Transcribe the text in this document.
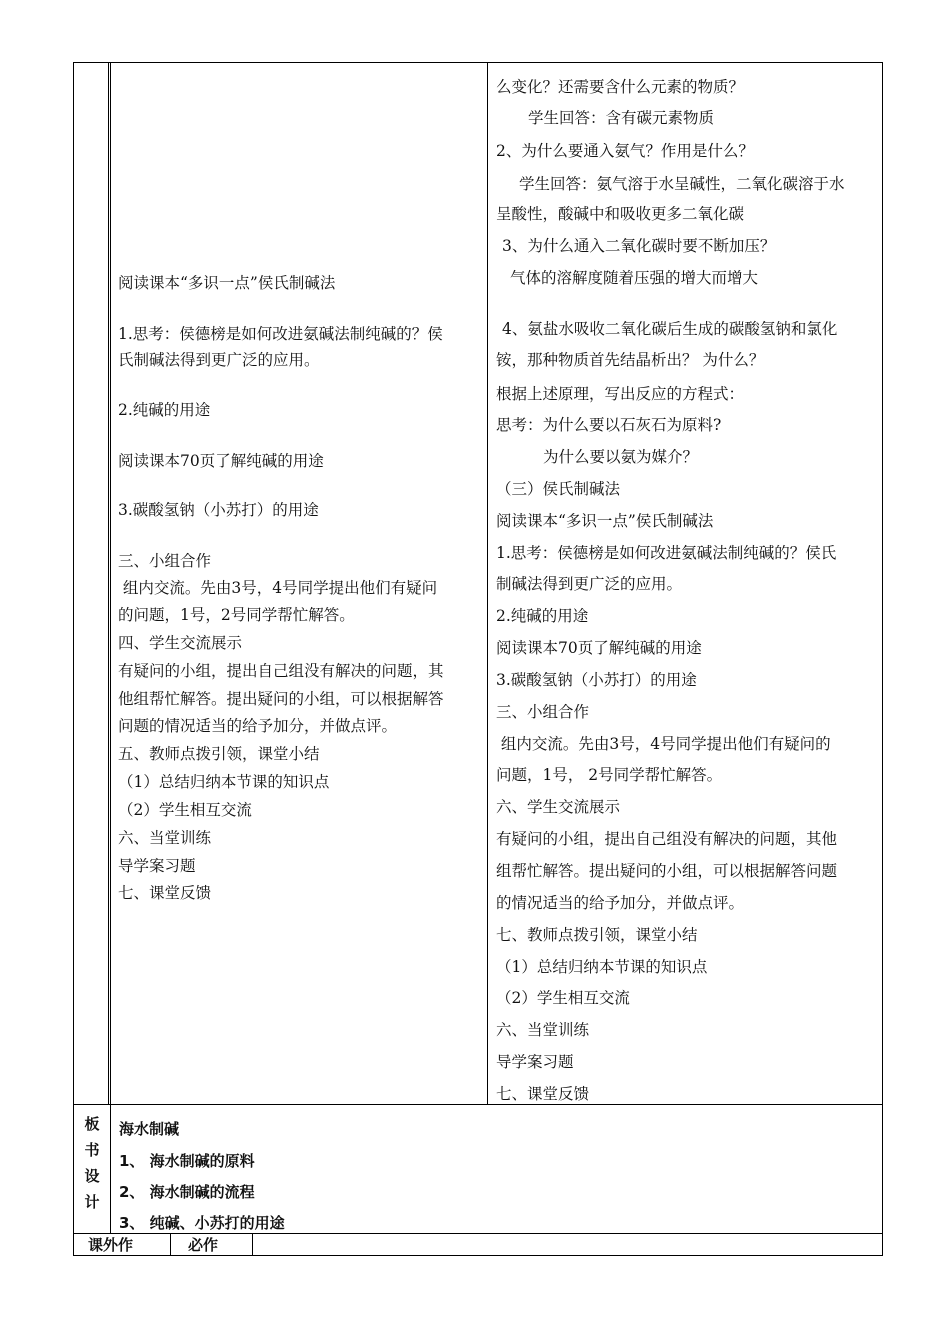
阅读课本“多识一点”侯氏制碱法
1.思考：侯德榜是如何改进氨碱法制纯碱的？侯
氏制碱法得到更广泛的应用。
2.纯碱的用途
阅读课本70页了解纯碱的用途
3.碳酸氢钠（小苏打）的用途
三、小组合作
组内交流。先由3号，4号同学提出他们有疑问
的问题，1号，2号同学帮忙解答。
四、学生交流展示
有疑问的小组，提出自己组没有解决的问题，其
他组帮忙解答。提出疑问的小组，可以根据解答
问题的情况适当的给予加分，并做点评。
五、教师点拨引领，课堂小结
（1）总结归纳本节课的知识点
（2）学生相互交流
六、当堂训练
导学案习题
七、课堂反馈
么变化？还需要含什么元素的物质？
学生回答：含有碳元素物质
2、为什么要通入氨气？作用是什么？
学生回答：氨气溶于水呈碱性，二氧化碳溶于水
呈酸性，酸碱中和吸收更多二氧化碳
3、为什么通入二氧化碳时要不断加压？
气体的溶解度随着压强的增大而增大
4、氨盐水吸收二氧化碳后生成的碳酸氢钠和氯化
铵，那种物质首先结晶析出？ 为什么？
根据上述原理，写出反应的方程式：
思考：为什么要以石灰石为原料?
为什么要以氨为媒介？
（三）侯氏制碱法
阅读课本“多识一点”侯氏制碱法
1.思考：侯德榜是如何改进氨碱法制纯碱的？侯氏
制碱法得到更广泛的应用。
2.纯碱的用途
阅读课本70页了解纯碱的用途
3.碳酸氢钠（小苏打）的用途
三、小组合作
组内交流。先由3号，4号同学提出他们有疑问的
问题，1号， 2号同学帮忙解答。
六、学生交流展示
有疑问的小组，提出自己组没有解决的问题，其他
组帮忙解答。提出疑问的小组，可以根据解答问题
的情况适当的给予加分，并做点评。
七、教师点拨引领，课堂小结
（1）总结归纳本节课的知识点
（2）学生相互交流
六、当堂训练
导学案习题
七、课堂反馈
板
书
设
计
海水制碱
1、 海水制碱的原料
2、 海水制碱的流程
3、 纯碱、小苏打的用途
课外作	必作
